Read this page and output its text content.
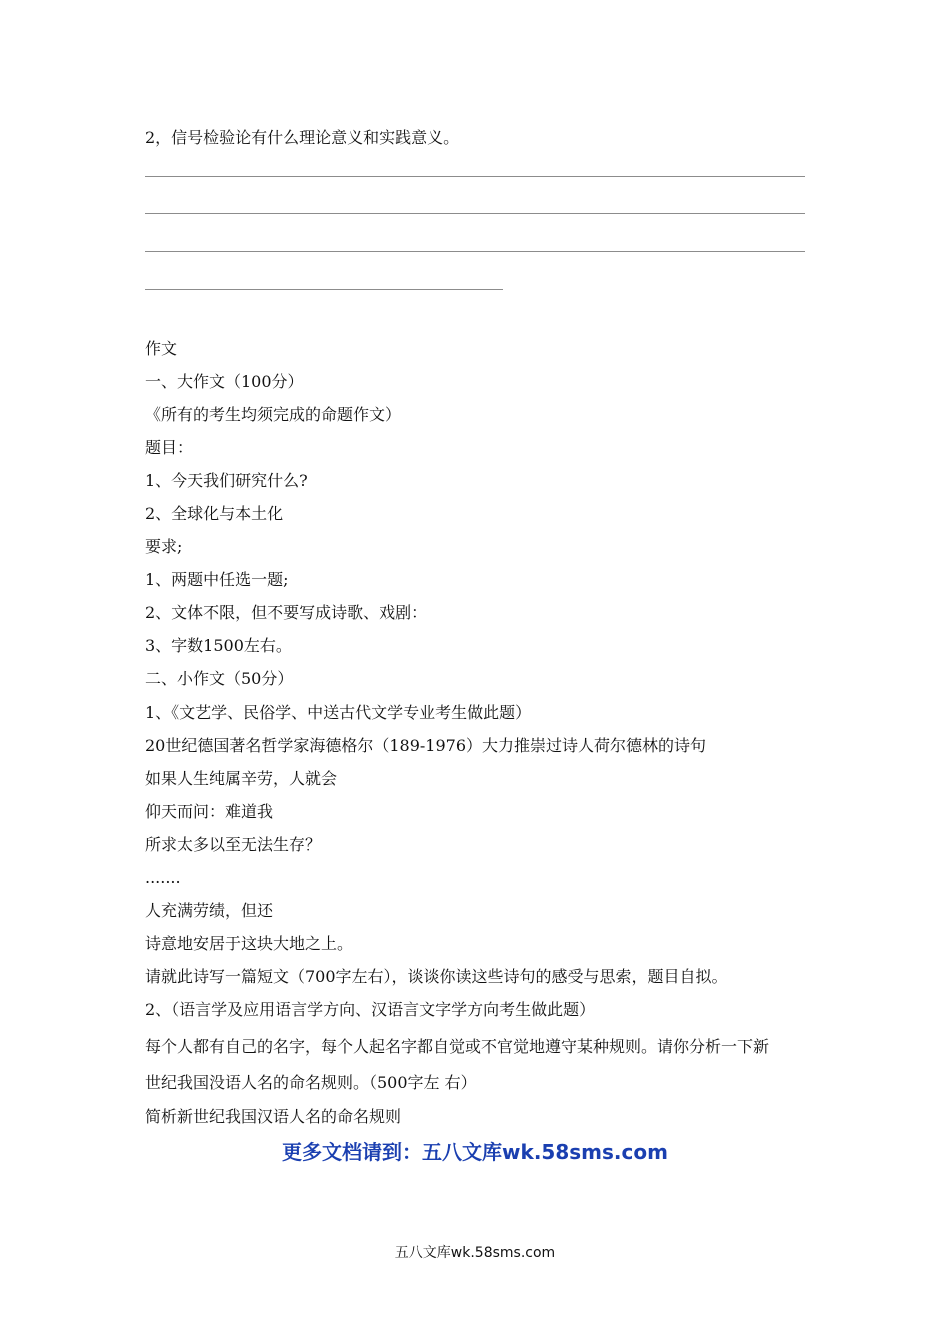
2，信号检验论有什么理论意义和实践意义。
作文
一、大作文（100分）
《所有的考生均须完成的命题作文）
题目：
1、今天我们研究什么?
2、全球化与本土化
要求;
1、两题中任选一题;
2、文体不限，但不要写成诗歌、戏剧：
3、字数1500左右。
二、小作文（50分）
1、《文艺学、民俗学、中送古代文学专业考生做此题）
20世纪德国著名哲学家海德格尔（189-1976）大力推崇过诗人荷尔德林的诗句
如果人生纯属辛劳，人就会
仰天而问：难道我
所求太多以至无法生存？
.......
人充满劳绩，但还
诗意地安居于这块大地之上。
请就此诗写一篇短文（700字左右），谈谈你读这些诗句的感受与思索，题目自拟。
2、（语言学及应用语言学方向、汉语言文字学方向考生做此题）
每个人都有自己的名字，每个人起名字都自觉或不官觉地遵守某种规则。请你分析一下新
世纪我国没语人名的命名规则。（500字左 右）
简析新世纪我国汉语人名的命名规则
更多文档请到：五八文库wk.58sms.com
五八文库wk.58sms.com
